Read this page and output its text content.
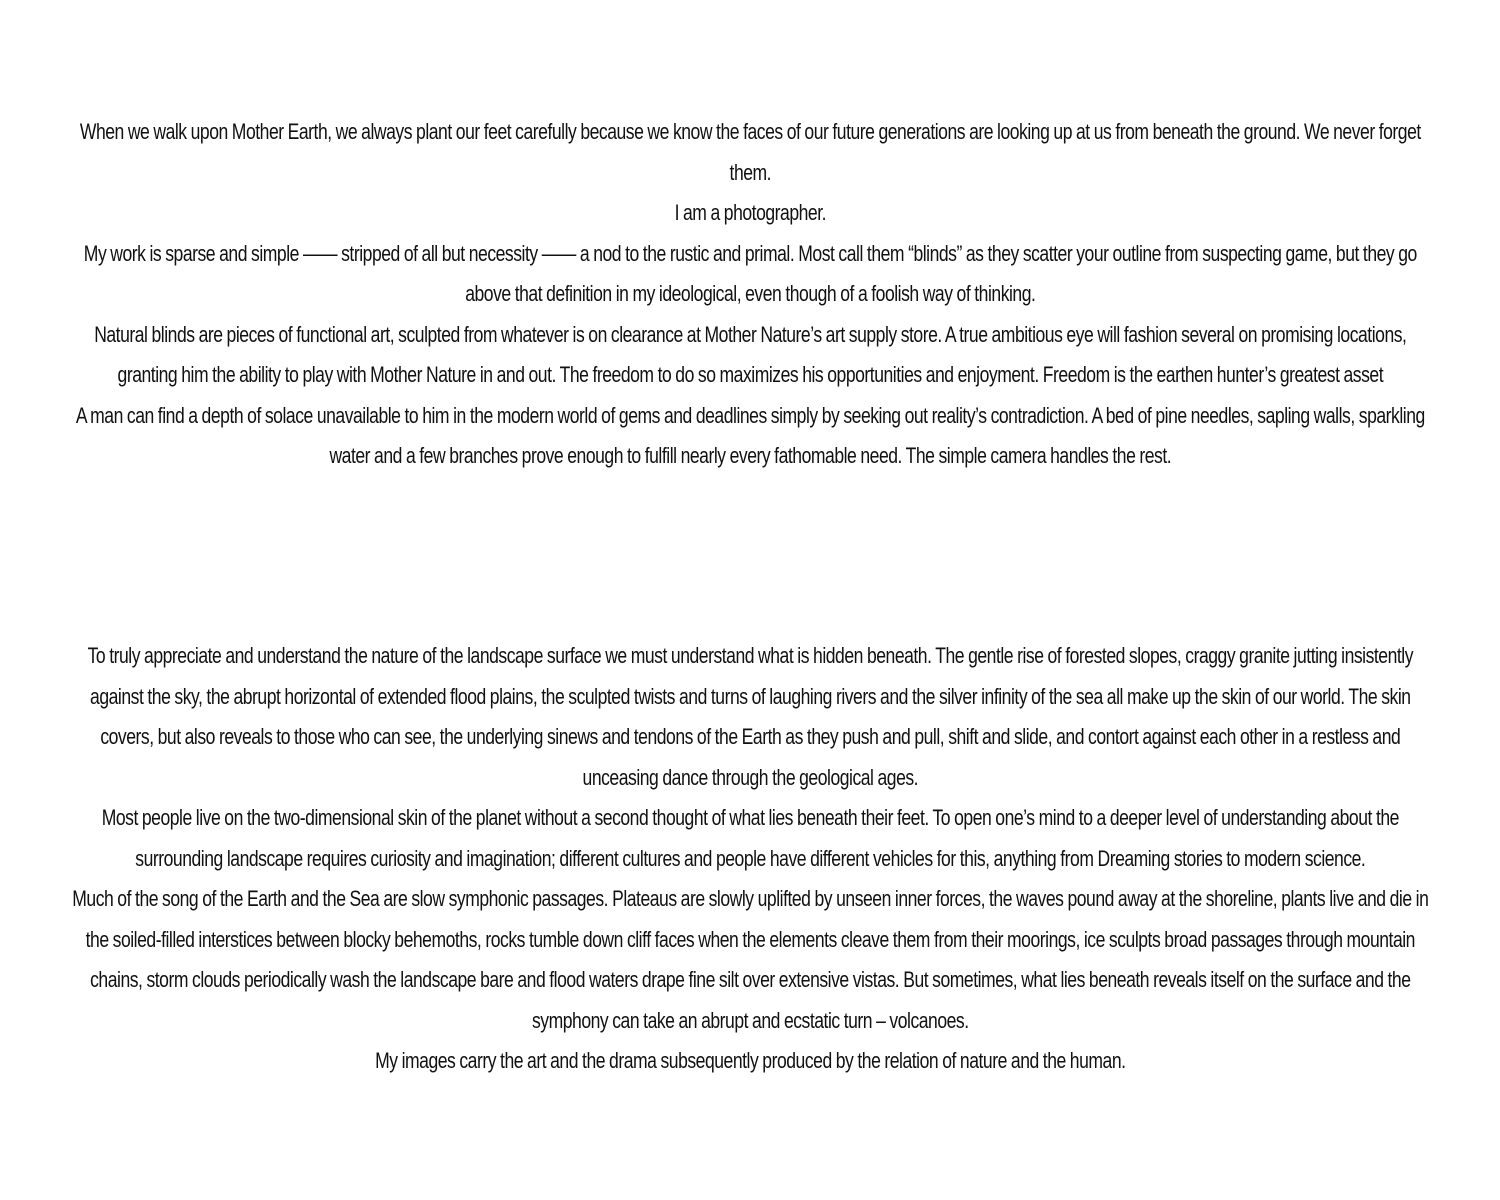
When we walk upon Mother Earth, we always plant our feet carefully because we know the faces of our future generations are looking up at us from beneath the ground. We never forget them.

I am a photographer.

My work is sparse and simple —— stripped of all but necessity —— a nod to the rustic and primal. Most call them “blinds” as they scatter your outline from suspecting game, but they go above that definition in my ideological, even though of a foolish way of thinking.

Natural blinds are pieces of functional art, sculpted from whatever is on clearance at Mother Nature’s art supply store. A true ambitious eye will fashion several on promising locations, granting him the ability to play with Mother Nature in and out. The freedom to do so maximizes his opportunities and enjoyment. Freedom is the earthen hunter’s greatest asset

A man can find a depth of solace unavailable to him in the modern world of gems and deadlines simply by seeking out reality’s contradiction. A bed of pine needles, sapling walls, sparkling water and a few branches prove enough to fulfill nearly every fathomable need. The simple camera handles the rest.

To truly appreciate and understand the nature of the landscape surface we must understand what is hidden beneath. The gentle rise of forested slopes, craggy granite jutting insistently against the sky, the abrupt horizontal of extended flood plains, the sculpted twists and turns of laughing rivers and the silver infinity of the sea all make up the skin of our world. The skin covers, but also reveals to those who can see, the underlying sinews and tendons of the Earth as they push and pull, shift and slide, and contort against each other in a restless and unceasing dance through the geological ages.

Most people live on the two-dimensional skin of the planet without a second thought of what lies beneath their feet. To open one’s mind to a deeper level of understanding about the surrounding landscape requires curiosity and imagination; different cultures and people have different vehicles for this, anything from Dreaming stories to modern science.

Much of the song of the Earth and the Sea are slow symphonic passages. Plateaus are slowly uplifted by unseen inner forces, the waves pound away at the shoreline, plants live and die in the soiled-filled interstices between blocky behemoths, rocks tumble down cliff faces when the elements cleave them from their moorings, ice sculpts broad passages through mountain chains, storm clouds periodically wash the landscape bare and flood waters drape fine silt over extensive vistas. But sometimes, what lies beneath reveals itself on the surface and the symphony can take an abrupt and ecstatic turn – volcanoes.

My images carry the art and the drama subsequently produced by the relation of nature and the human.
